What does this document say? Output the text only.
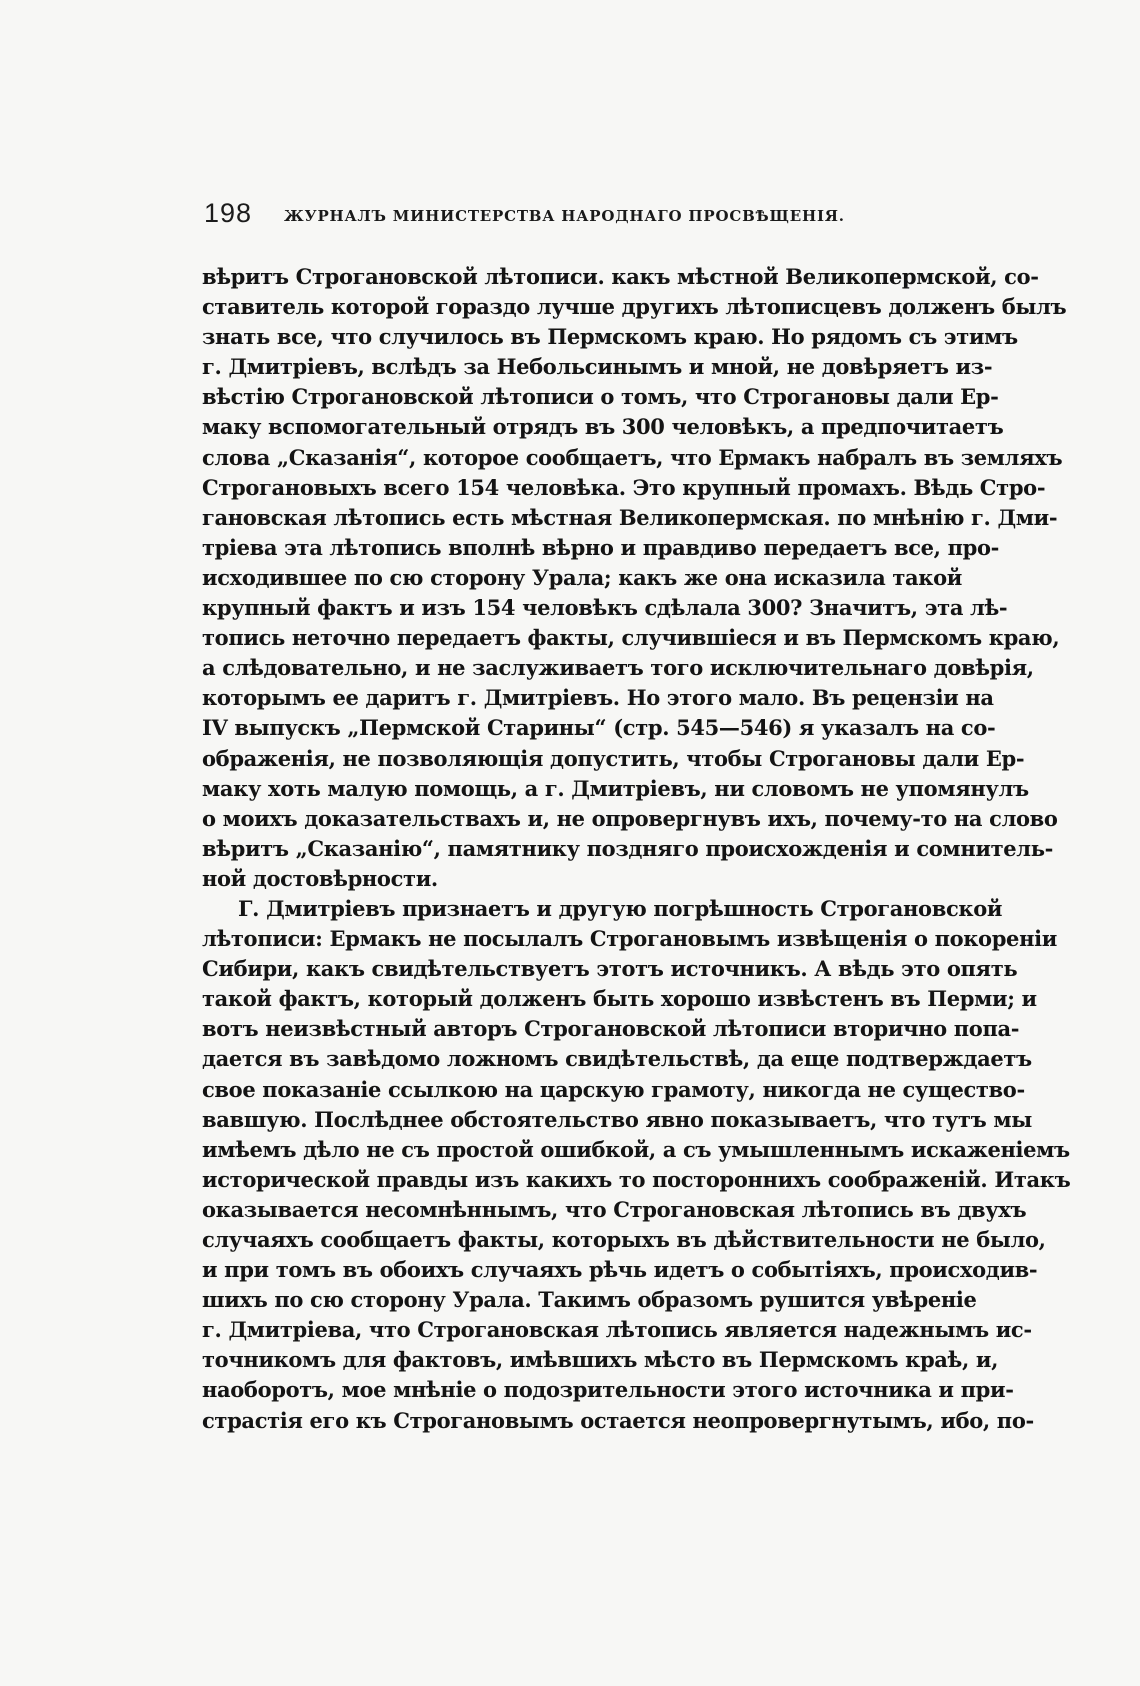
198 ЖУРНАЛЪ МИНИСТЕРСТВА НАРОДНАГО ПРОСВѢЩЕНІЯ.
вѣритъ Строгановской лѣтописи. какъ мѣстной Великопермской, со-
ставитель которой гораздо лучше другихъ лѣтописцевъ долженъ былъ
знать все, что случилось въ Пермскомъ краю. Но рядомъ съ этимъ
г. Дмитріевъ, вслѣдъ за Небольсинымъ и мной, не довѣряетъ из-
вѣстію Строгановской лѣтописи о томъ, что Строгановы дали Ер-
маку вспомогательный отрядъ въ 300 человѣкъ, а предпочитаетъ
слова „Сказанія“, которое сообщаетъ, что Ермакъ набралъ въ земляхъ
Строгановыхъ всего 154 человѣка. Это крупный промахъ. Вѣдь Стро-
гановская лѣтопись есть мѣстная Великопермская. по мнѣнію г. Дми-
тріева эта лѣтопись вполнѣ вѣрно и правдиво передаетъ все, про-
исходившее по сю сторону Урала; какъ же она исказила такой
крупный фактъ и изъ 154 человѣкъ сдѣлала 300? Значитъ, эта лѣ-
топись неточно передаетъ факты, случившіеся и въ Пермскомъ краю,
а слѣдовательно, и не заслуживаетъ того исключительнаго довѣрія,
которымъ ее даритъ г. Дмитріевъ. Но этого мало. Въ рецензіи на
IV выпускъ „Пермской Старины“ (стр. 545—546) я указалъ на со-
ображенія, не позволяющія допустить, чтобы Строгановы дали Ер-
маку хоть малую помощь, а г. Дмитріевъ, ни словомъ не упомянулъ
о моихъ доказательствахъ и, не опровергнувъ ихъ, почему-то на слово
вѣритъ „Сказанію“, памятнику поздняго происхожденія и сомнитель-
ной достовѣрности.
Г. Дмитріевъ признаетъ и другую погрѣшность Строгановской
лѣтописи: Ермакъ не посылалъ Строгановымъ извѣщенія о покореніи
Сибири, какъ свидѣтельствуетъ этотъ источникъ. А вѣдь это опять
такой фактъ, который долженъ быть хорошо извѣстенъ въ Перми; и
вотъ неизвѣстный авторъ Строгановской лѣтописи вторично попа-
дается въ завѣдомо ложномъ свидѣтельствѣ, да еще подтверждаетъ
свое показаніе ссылкою на царскую грамоту, никогда не существо-
вавшую. Послѣднее обстоятельство явно показываетъ, что тутъ мы
имѣемъ дѣло не съ простой ошибкой, а съ умышленнымъ искаженіемъ
исторической правды изъ какихъ то постороннихъ соображеній. Итакъ
оказывается несомнѣннымъ, что Строгановская лѣтопись въ двухъ
случаяхъ сообщаетъ факты, которыхъ въ дѣйствительности не было,
и при томъ въ обоихъ случаяхъ рѣчь идетъ о событіяхъ, происходив-
шихъ по сю сторону Урала. Такимъ образомъ рушится увѣреніе
г. Дмитріева, что Строгановская лѣтопись является надежнымъ ис-
точникомъ для фактовъ, имѣвшихъ мѣсто въ Пермскомъ краѣ, и,
наоборотъ, мое мнѣніе о подозрительности этого источника и при-
страстія его къ Строгановымъ остается неопровергнутымъ, ибо, по-
